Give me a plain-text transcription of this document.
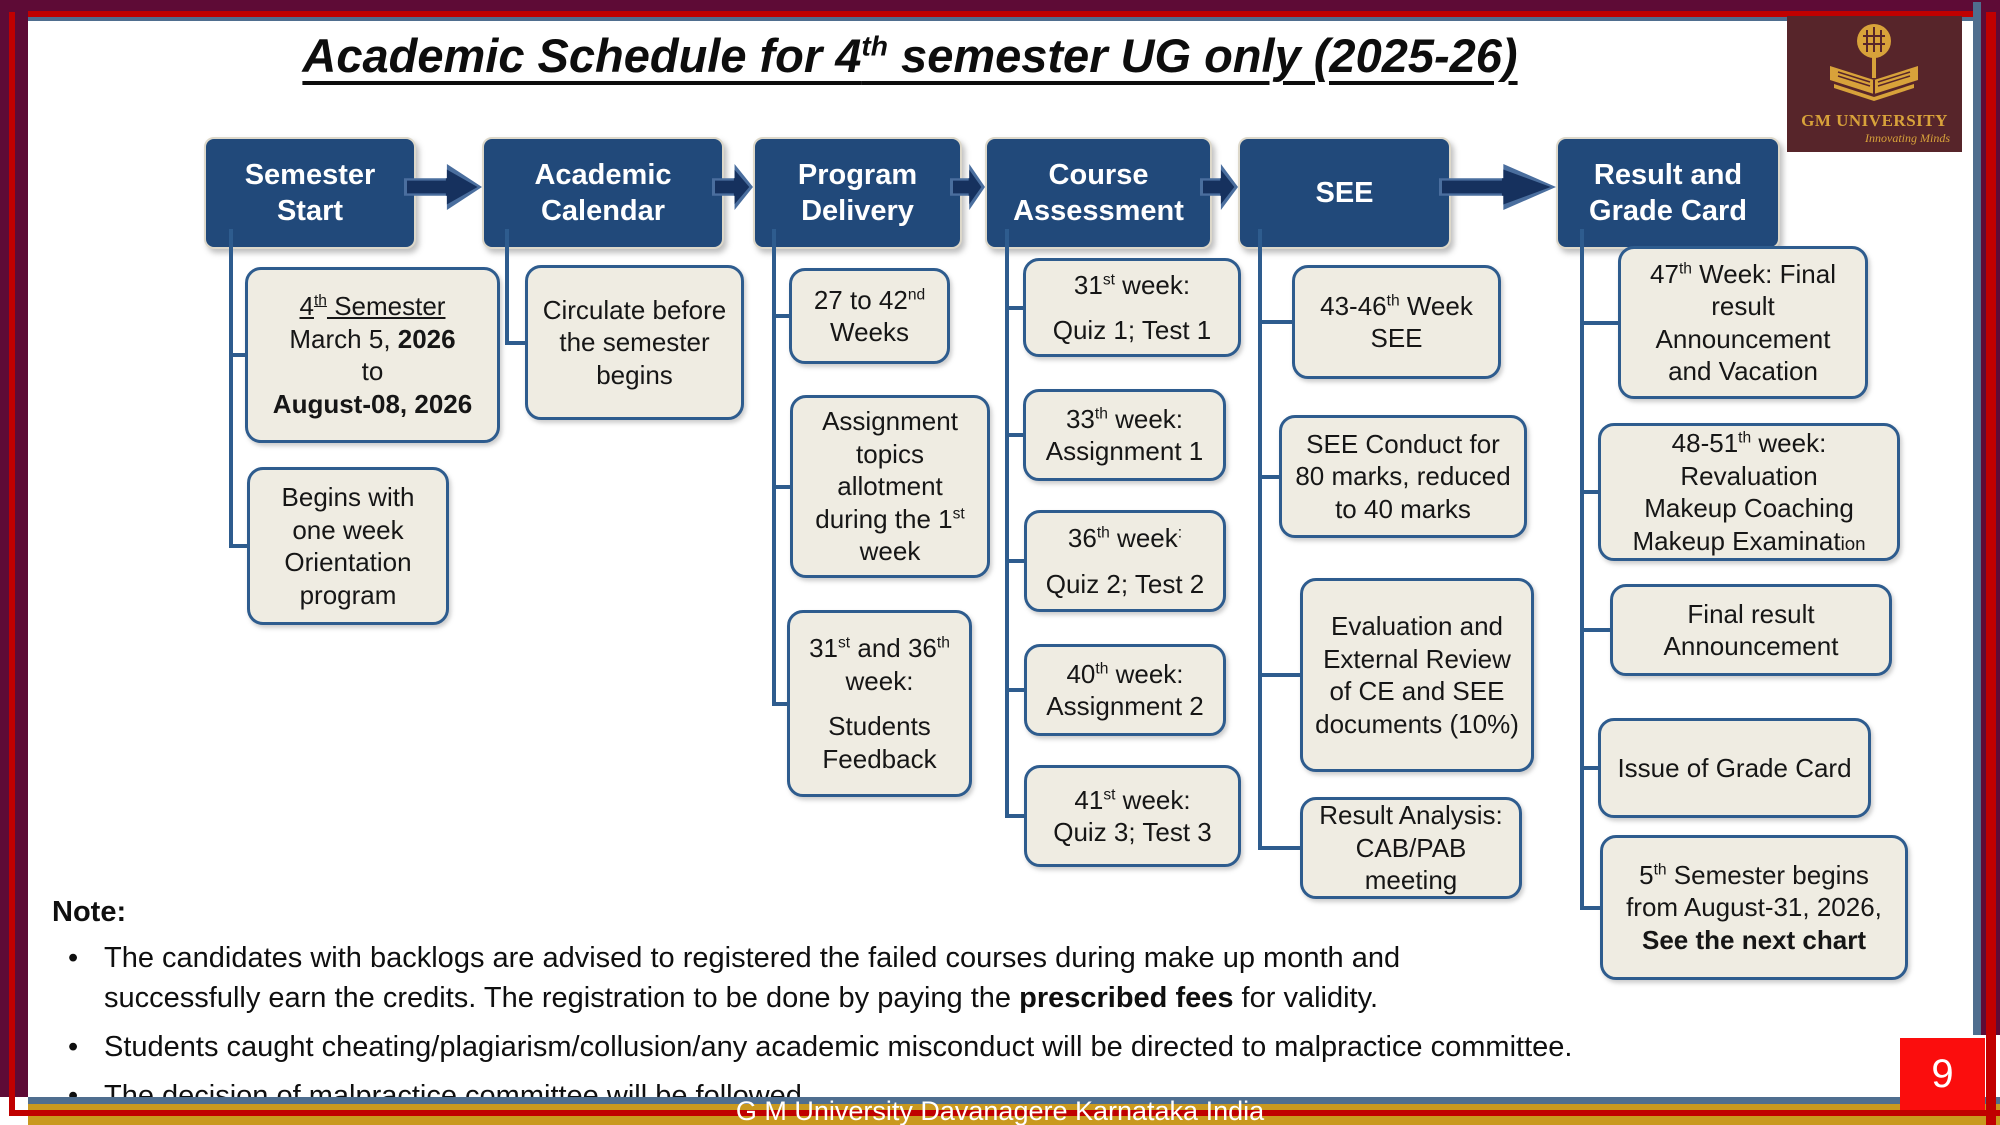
Academic Schedule for 4th semester UG only (2025-26)
Semester Start
4th Semester
March 5, 2026
to
August-08, 2026
Begins with one week Orientation program
Academic Calendar
Circulate before the semester begins
Program Delivery
27 to 42nd Weeks
Assignment topics allotment during the 1st week
31st and 36th week:
Students Feedback
Course Assessment
31st week:
Quiz 1; Test 1
33th week:
Assignment 1
36th week:
Quiz 2; Test 2
40th week:
Assignment 2
41st week:
Quiz 3; Test 3
SEE
43-46th Week SEE
SEE Conduct for 80 marks, reduced to 40 marks
Evaluation and External Review of CE and SEE documents (10%)
Result Analysis: CAB/PAB meeting
Result and Grade Card
47th Week: Final result Announcement and Vacation
48-51th week:
Revaluation
Makeup Coaching
Makeup Examination
Final result Announcement
Issue of Grade Card
5th Semester begins from August-31, 2026,
See the next chart
Note:
• The candidates with backlogs are advised to registered the failed courses during make up month and
successfully earn the credits. The registration to be done by paying the prescribed fees for validity.
• Students caught cheating/plagiarism/collusion/any academic misconduct will be directed to malpractice committee.
•
GM UNIVERSITY
Innovating Minds
G M University Davanagere Karnataka India
9
